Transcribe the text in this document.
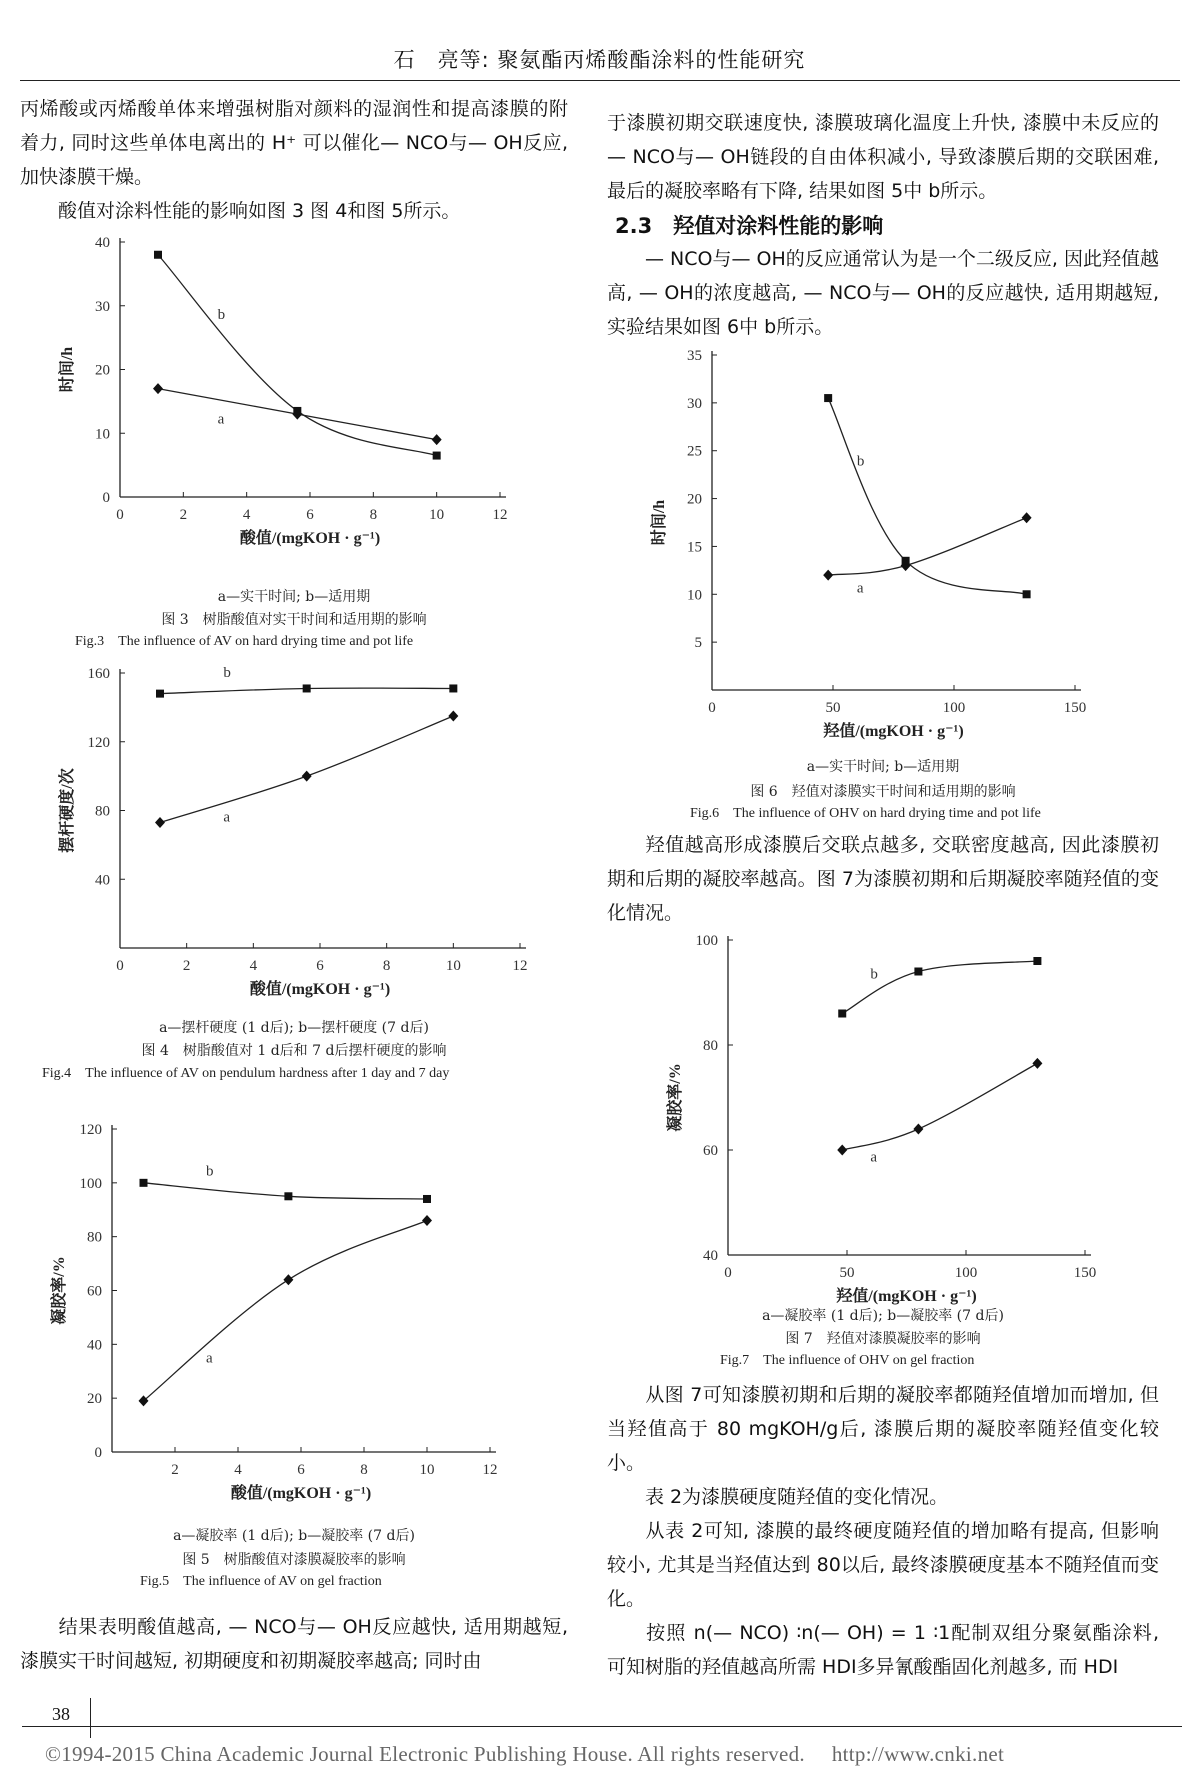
石　亮等: 聚氨酯丙烯酸酯涂料的性能研究
丙烯酸或丙烯酸单体来增强树脂对颜料的湿润性和提高漆膜的附着力, 同时这些单体电离出的 H⁺ 可以催化— NCO与— OH反应, 加快漆膜干燥。
酸值对涂料性能的影响如图 3 图 4和图 5所示。
0	2	4	6	8	10	12
0
10
20
30
40
酸值/(mgKOH · g⁻¹)
时间/h
a
b
a—实干时间; b—适用期
图 3　树脂酸值对实干时间和适用期的影响
Fig.3　The influence of AV on hard drying time and pot life
0	2	4	6	8	10	12
40
80
120
160
酸值/(mgKOH · g⁻¹)
摆杆硬度/次	a
b
a—摆杆硬度 (1 d后); b—摆杆硬度 (7 d后)
图 4　树脂酸值对 1 d后和 7 d后摆杆硬度的影响
Fig.4　The influence of AV on pendulum hardness after 1 day and 7 day
2	4	6	8	10	12
0
20
40
60
80
100
120
酸值/(mgKOH · g⁻¹)
凝胶率/%
a
b
a—凝胶率 (1 d后); b—凝胶率 (7 d后)
图 5　树脂酸值对漆膜凝胶率的影响
Fig.5　The influence of AV on gel fraction
结果表明酸值越高, — NCO与— OH反应越快, 适用期越短, 漆膜实干时间越短, 初期硬度和初期凝胶率越高; 同时由
于漆膜初期交联速度快, 漆膜玻璃化温度上升快, 漆膜中未反应的— NCO与— OH链段的自由体积减小, 导致漆膜后期的交联困难, 最后的凝胶率略有下降, 结果如图 5中 b所示。
2.3　羟值对涂料性能的影响
— NCO与— OH的反应通常认为是一个二级反应, 因此羟值越高, — OH的浓度越高, — NCO与— OH的反应越快, 适用期越短, 实验结果如图 6中 b所示。
0	50	100	150
5
10
15
20
25
30
35
羟值/(mgKOH · g⁻¹)
时间/h
a
b
a—实干时间; b—适用期
图 6　羟值对漆膜实干时间和适用期的影响
Fig.6　The influence of OHV on hard drying time and pot life
羟值越高形成漆膜后交联点越多, 交联密度越高, 因此漆膜初期和后期的凝胶率越高。图 7为漆膜初期和后期凝胶率随羟值的变化情况。
0	50	100	150
40
60
80
100
羟值/(mgKOH · g⁻¹)
凝胶率/%
a
b
a—凝胶率 (1 d后); b—凝胶率 (7 d后)
图 7　羟值对漆膜凝胶率的影响
Fig.7　The influence of OHV on gel fraction
从图 7可知漆膜初期和后期的凝胶率都随羟值增加而增加, 但当羟值高于 80 mgKOH/g后, 漆膜后期的凝胶率随羟值变化较小。
表 2为漆膜硬度随羟值的变化情况。
从表 2可知, 漆膜的最终硬度随羟值的增加略有提高, 但影响较小, 尤其是当羟值达到 80以后, 最终漆膜硬度基本不随羟值而变化。
按照 n(— NCO) ∶n(— OH) = 1 ∶1配制双组分聚氨酯涂料, 可知树脂的羟值越高所需 HDI多异氰酸酯固化剂越多, 而 HDI
38
©1994-2015 China Academic Journal Electronic Publishing House. All rights reserved.　 http://www.cnki.net
